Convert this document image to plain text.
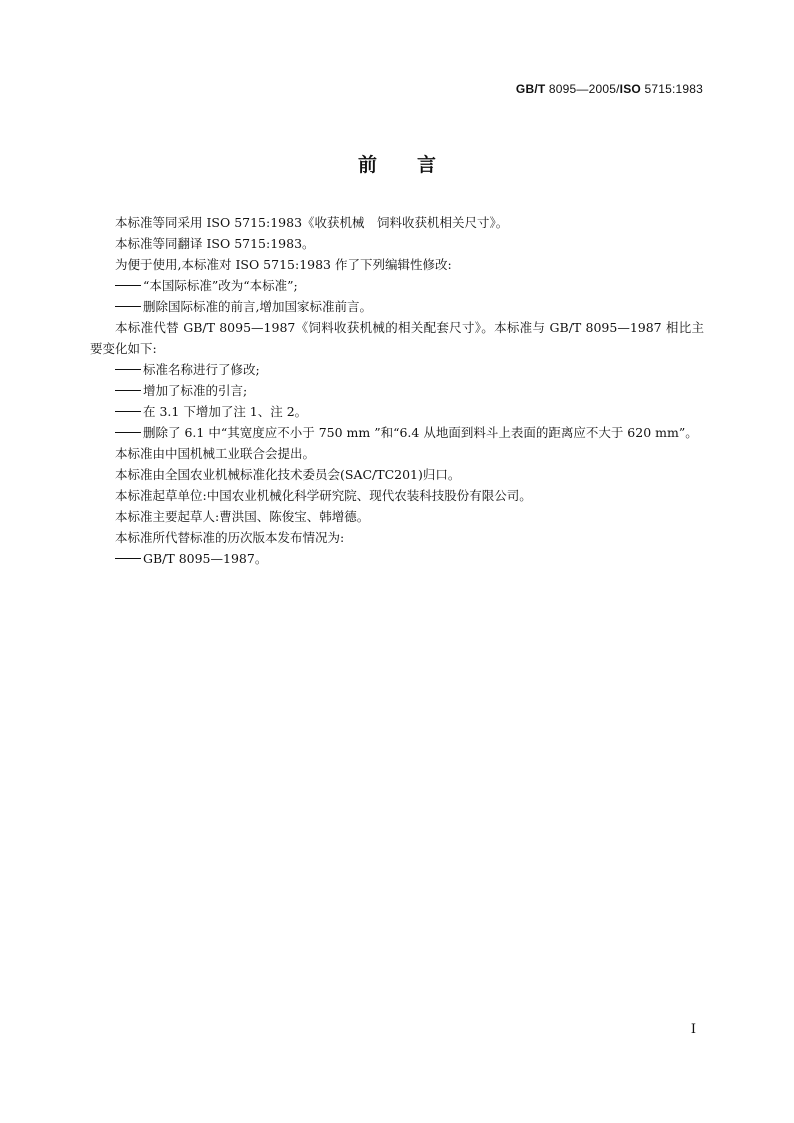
GB/T 8095—2005/ISO 5715:1983
前言

本标准等同采用 ISO 5715:1983《收获机械　饲料收获机相关尺寸》。

本标准等同翻译 ISO 5715:1983。

为便于使用,本标准对 ISO 5715:1983 作了下列编辑性修改:

“本国际标准”改为“本标准”;

删除国际标准的前言,增加国家标准前言。

本标准代替 GB/T 8095—1987《饲料收获机械的相关配套尺寸》。本标准与 GB/T 8095—1987 相比主要变化如下:

标准名称进行了修改;

增加了标准的引言;

在 3.1 下增加了注 1、注 2。

删除了 6.1 中“其宽度应不小于 750 mm ”和“6.4 从地面到料斗上表面的距离应不大于 620 mm”。

本标准由中国机械工业联合会提出。

本标准由全国农业机械标准化技术委员会(SAC/TC201)归口。

本标准起草单位:中国农业机械化科学研究院、现代农装科技股份有限公司。

本标准主要起草人:曹洪国、陈俊宝、韩增德。

本标准所代替标准的历次版本发布情况为:

GB/T 8095—1987。

I
